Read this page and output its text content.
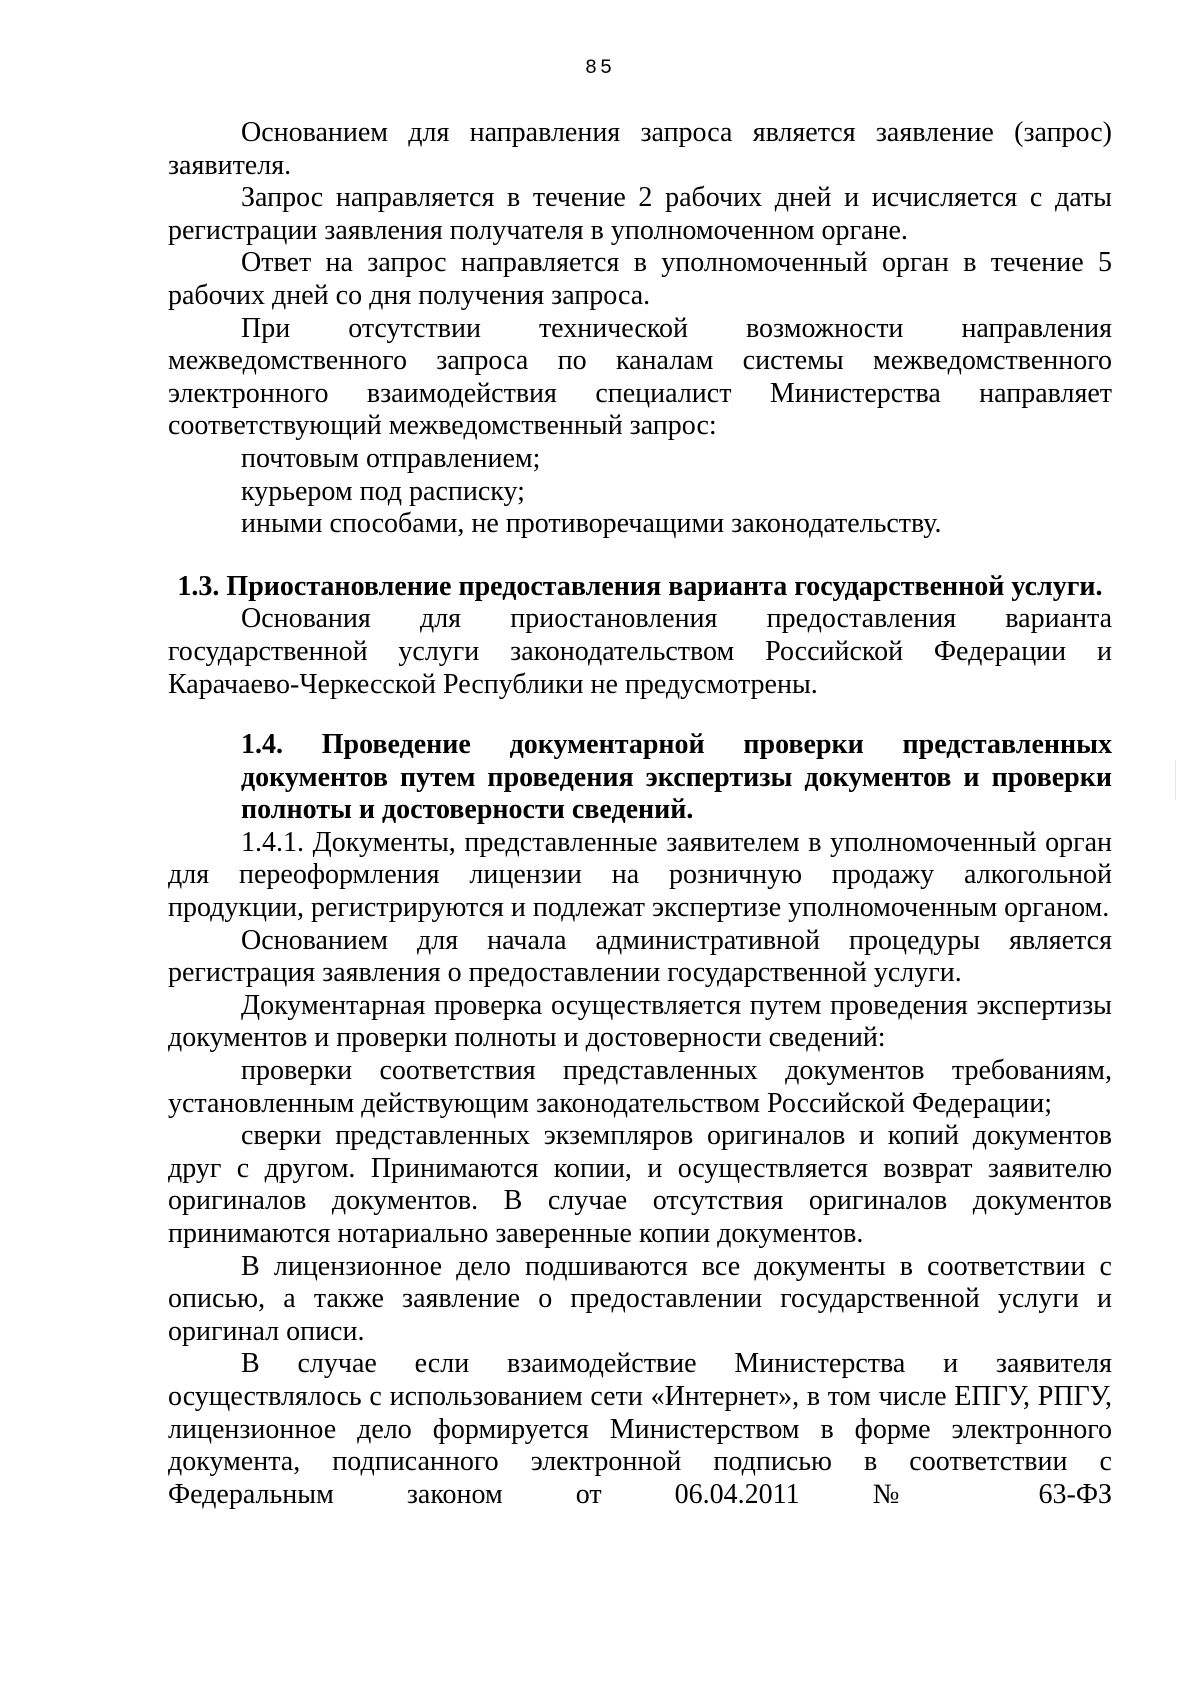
85

Основанием для направления запроса является заявление (запрос) заявителя.

Запрос направляется в течение 2 рабочих дней и исчисляется с даты регистрации заявления получателя в уполномоченном органе.

Ответ на запрос направляется в уполномоченный орган в течение 5 рабочих дней со дня получения запроса.

При отсутствии технической возможности направления межведомственного запроса по каналам системы межведомственного электронного взаимодействия специалист Министерства направляет соответствующий межведомственный запрос:

почтовым отправлением;

курьером под расписку;

иными способами, не противоречащими законодательству.

1.3. Приостановление предоставления варианта государственной услуги.

Основания для приостановления предоставления варианта государственной услуги законодательством Российской Федерации и Карачаево-Черкесской Республики не предусмотрены.

1.4. Проведение документарной проверки представленных документов путем проведения экспертизы документов и проверки полноты и достоверности сведений.

1.4.1. Документы, представленные заявителем в уполномоченный орган для переоформления лицензии на розничную продажу алкогольной продукции, регистрируются и подлежат экспертизе уполномоченным органом.

Основанием для начала административной процедуры является регистрация заявления о предоставлении государственной услуги.

Документарная проверка осуществляется путем проведения экспертизы документов и проверки полноты и достоверности сведений:

проверки соответствия представленных документов требованиям, установленным действующим законодательством Российской Федерации;

сверки представленных экземпляров оригиналов и копий документов друг с другом. Принимаются копии, и осуществляется возврат заявителю оригиналов документов. В случае отсутствия оригиналов документов принимаются нотариально заверенные копии документов.

В лицензионное дело подшиваются все документы в соответствии с описью, а также заявление о предоставлении государственной услуги и оригинал описи.

В случае если взаимодействие Министерства и заявителя осуществлялось с использованием сети «Интернет», в том числе ЕПГУ, РПГУ, лицензионное дело формируется Министерством в форме электронного документа, подписанного электронной подписью в соответствии с Федеральным законом от 06.04.2011 № 63-ФЗ
